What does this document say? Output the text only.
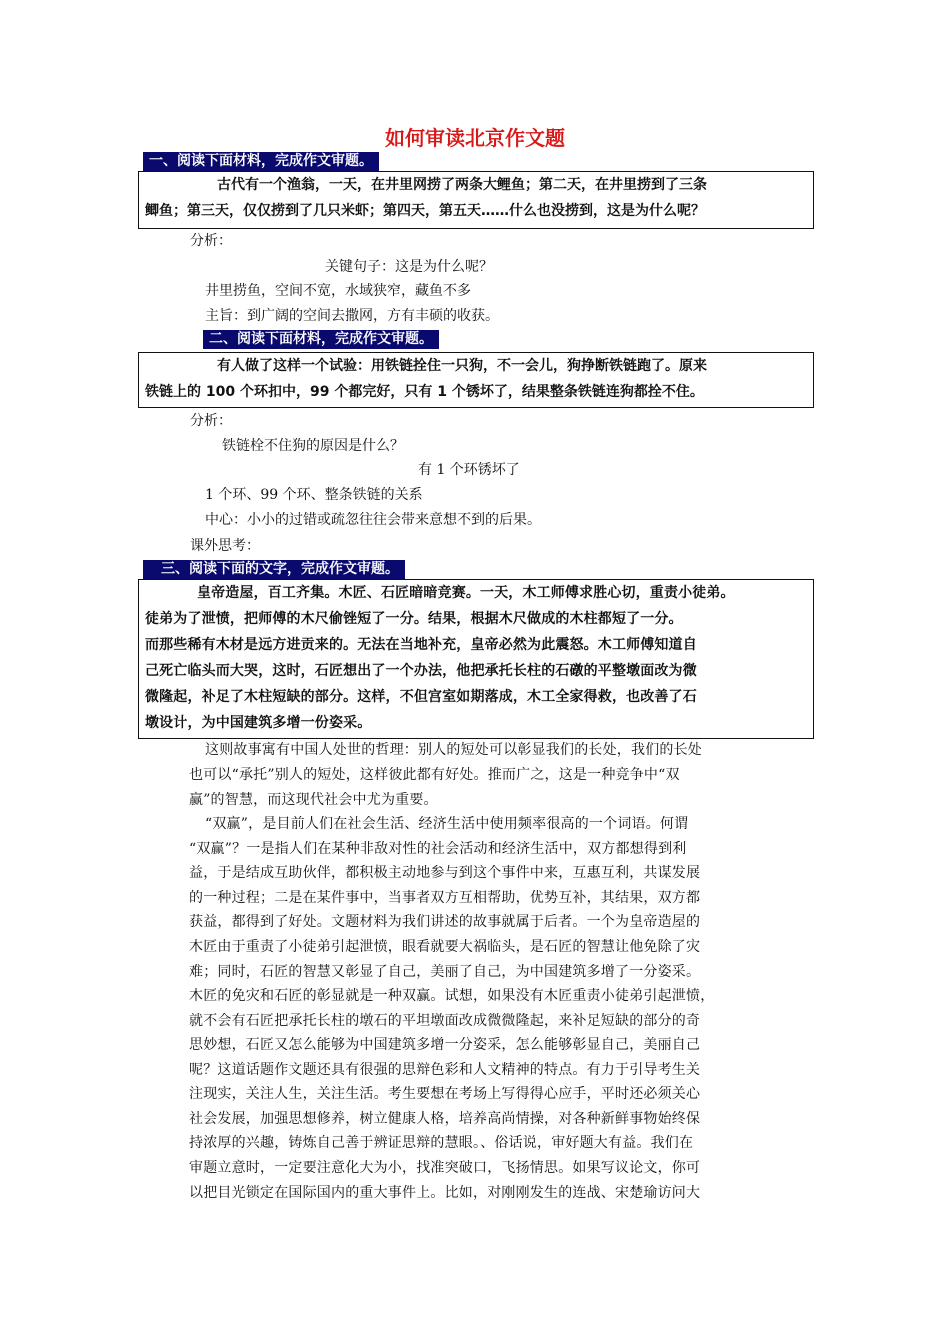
如何审读北京作文题
一、阅读下面材料，完成作文审题。
古代有一个渔翁，一天，在井里网捞了两条大鲤鱼；第二天，在井里捞到了三条
鲫鱼；第三天，仅仅捞到了几只米虾；第四天，第五天……什么也没捞到，这是为什么呢？
分析：
关键句子：这是为什么呢？
井里捞鱼，空间不宽，水域狭窄，藏鱼不多
主旨：到广阔的空间去撒网，方有丰硕的收获。
二、阅读下面材料，完成作文审题。
有人做了这样一个试验：用铁链拴住一只狗，不一会儿，狗挣断铁链跑了。原来
铁链上的 100 个环扣中，99 个都完好，只有 1 个锈坏了，结果整条铁链连狗都拴不住。
分析：
铁链栓不住狗的原因是什么？
有 1 个环锈坏了
1 个环、99 个环、整条铁链的关系
中心：小小的过错或疏忽往往会带来意想不到的后果。
课外思考：
三、阅读下面的文字，完成作文审题。
皇帝造屋，百工齐集。木匠、石匠暗暗竞赛。一天，木工师傅求胜心切，重责小徒弟。
徒弟为了泄愤，把师傅的木尺偷锉短了一分。结果，根据木尺做成的木柱都短了一分。
而那些稀有木材是远方进贡来的。无法在当地补充，皇帝必然为此震怒。木工师傅知道自
己死亡临头而大哭，这时，石匠想出了一个办法，他把承托长柱的石礅的平整墩面改为微
微隆起，补足了木柱短缺的部分。这样，不但宫室如期落成，木工全家得救，也改善了石
墩设计，为中国建筑多增一份姿采。
这则故事寓有中国人处世的哲理：别人的短处可以彰显我们的长处，我们的长处
也可以“承托”别人的短处，这样彼此都有好处。推而广之，这是一种竞争中“双
赢”的智慧，而这现代社会中尤为重要。
“双赢”，是目前人们在社会生活、经济生活中使用频率很高的一个词语。何谓
“双赢”？一是指人们在某种非敌对性的社会活动和经济生活中，双方都想得到利
益，于是结成互助伙伴，都积极主动地参与到这个事件中来，互惠互利，共谋发展
的一种过程；二是在某件事中，当事者双方互相帮助，优势互补，其结果，双方都
获益，都得到了好处。文题材料为我们讲述的故事就属于后者。一个为皇帝造屋的
木匠由于重责了小徒弟引起泄愤，眼看就要大祸临头，是石匠的智慧让他免除了灾
难；同时，石匠的智慧又彰显了自己，美丽了自己，为中国建筑多增了一分姿采。
木匠的免灾和石匠的彰显就是一种双赢。试想，如果没有木匠重责小徒弟引起泄愤，
就不会有石匠把承托长柱的墩石的平坦墩面改成微微隆起，来补足短缺的部分的奇
思妙想，石匠又怎么能够为中国建筑多增一分姿采，怎么能够彰显自己，美丽自己
呢？这道话题作文题还具有很强的思辩色彩和人文精神的特点。有力于引导考生关
注现实，关注人生，关注生活。考生要想在考场上写得得心应手，平时还必须关心
社会发展，加强思想修养，树立健康人格，培养高尚情操，对各种新鲜事物始终保
持浓厚的兴趣，铸炼自己善于辨证思辩的慧眼。、俗话说，审好题大有益。我们在
审题立意时，一定要注意化大为小，找准突破口，飞扬情思。如果写议论文，你可
以把目光锁定在国际国内的重大事件上。比如，对刚刚发生的连战、宋楚瑜访问大
